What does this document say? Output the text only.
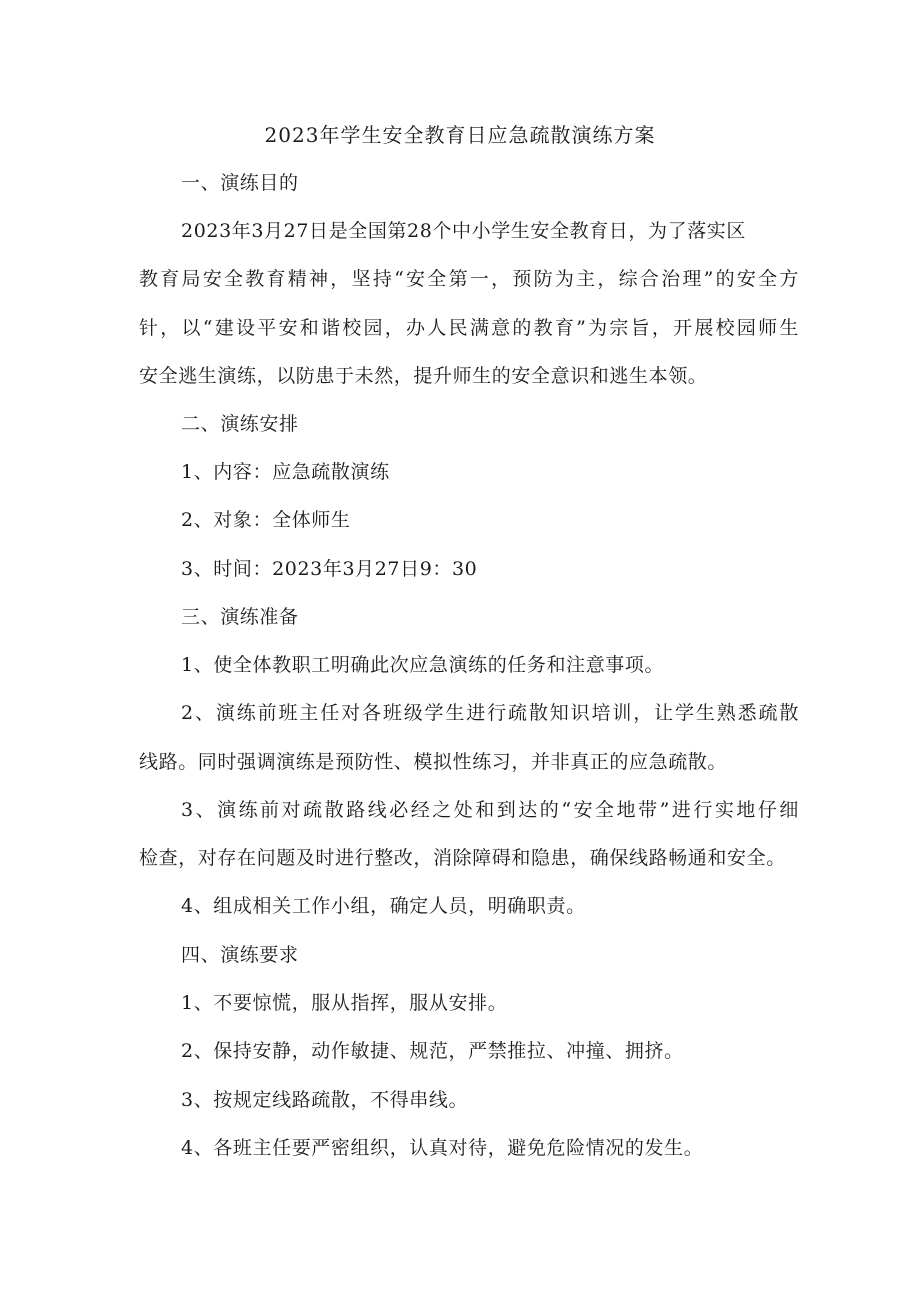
2023年学生安全教育日应急疏散演练方案
一、演练目的
2023年3月27日是全国第28个中小学生安全教育日，为了落实区
教育局安全教育精神，坚持“安全第一，预防为主，综合治理”的安全方
针，以“建设平安和谐校园，办人民满意的教育”为宗旨，开展校园师生
安全逃生演练，以防患于未然，提升师生的安全意识和逃生本领。
二、演练安排
1、内容：应急疏散演练
2、对象：全体师生
3、时间：2023年3月27日9：30
三、演练准备
1、使全体教职工明确此次应急演练的任务和注意事项。
2、演练前班主任对各班级学生进行疏散知识培训，让学生熟悉疏散
线路。同时强调演练是预防性、模拟性练习，并非真正的应急疏散。
3、演练前对疏散路线必经之处和到达的“安全地带”进行实地仔细
检查，对存在问题及时进行整改，消除障碍和隐患，确保线路畅通和安全。
4、组成相关工作小组，确定人员，明确职责。
四、演练要求
1、不要惊慌，服从指挥，服从安排。
2、保持安静，动作敏捷、规范，严禁推拉、冲撞、拥挤。
3、按规定线路疏散，不得串线。
4、各班主任要严密组织，认真对待，避免危险情况的发生。
